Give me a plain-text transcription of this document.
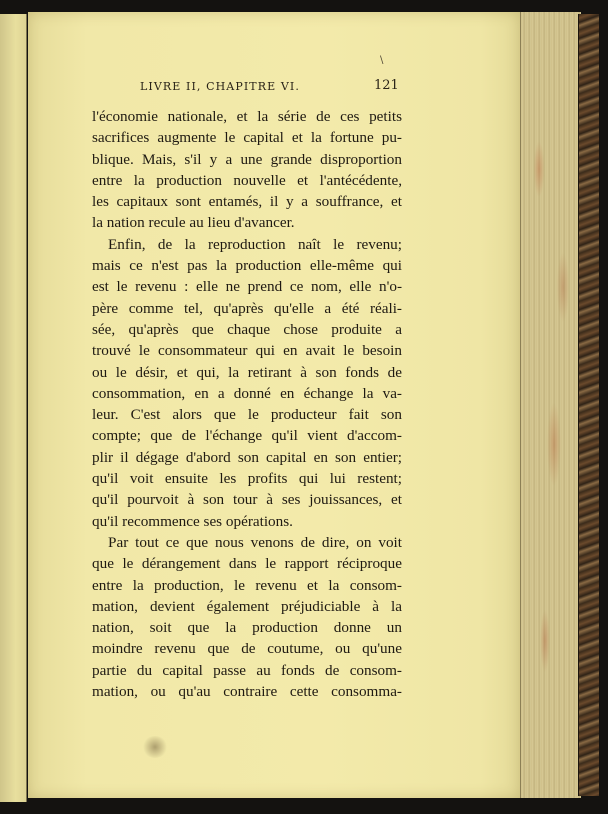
\
LIVRE II, CHAPITRE VI.	121

l'économie nationale, et la série de ces petits
sacrifices augmente le capital et la fortune pu-
blique. Mais, s'il y a une grande disproportion
entre la production nouvelle et l'antécédente,
les capitaux sont entamés, il y a souffrance, et
la nation recule au lieu d'avancer.

Enfin, de la reproduction naît le revenu;
mais ce n'est pas la production elle-même qui
est le revenu : elle ne prend ce nom, elle n'o-
père comme tel, qu'après qu'elle a été réali-
sée, qu'après que chaque chose produite a
trouvé le consommateur qui en avait le besoin
ou le désir, et qui, la retirant à son fonds de
consommation, en a donné en échange la va-
leur. C'est alors que le producteur fait son
compte; que de l'échange qu'il vient d'accom-
plir il dégage d'abord son capital en son entier;
qu'il voit ensuite les profits qui lui restent;
qu'il pourvoit à son tour à ses jouissances, et
qu'il recommence ses opérations.

Par tout ce que nous venons de dire, on voit
que le dérangement dans le rapport réciproque
entre la production, le revenu et la consom-
mation, devient également préjudiciable à la
nation, soit que la production donne un
moindre revenu que de coutume, ou qu'une
partie du capital passe au fonds de consom-
mation, ou qu'au contraire cette consomma-
